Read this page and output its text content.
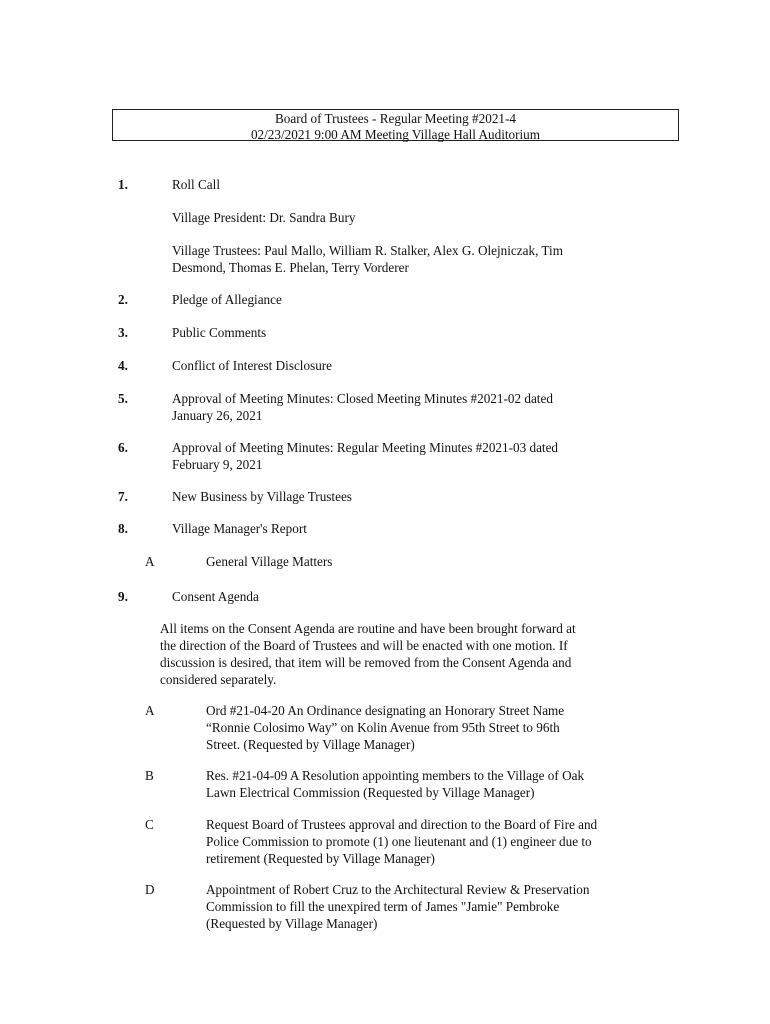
Board of Trustees - Regular Meeting #2021-4
02/23/2021 9:00 AM Meeting Village Hall Auditorium
1.	Roll Call
Village President: Dr. Sandra Bury
Village Trustees: Paul Mallo, William R. Stalker, Alex G. Olejniczak, Tim Desmond, Thomas E. Phelan, Terry Vorderer
2.	Pledge of Allegiance
3.	Public Comments
4.	Conflict of Interest Disclosure
5.	Approval of Meeting Minutes: Closed Meeting Minutes #2021-02 dated January 26, 2021
6.	Approval of Meeting Minutes: Regular Meeting Minutes #2021-03 dated February 9, 2021
7.	New Business by Village Trustees
8.	Village Manager's Report
A	General Village Matters
9.	Consent Agenda
All items on the Consent Agenda are routine and have been brought forward at the direction of the Board of Trustees and will be enacted with one motion. If discussion is desired, that item will be removed from the Consent Agenda and considered separately.
A	Ord #21-04-20 An Ordinance designating an Honorary Street Name “Ronnie Colosimo Way” on Kolin Avenue from 95th Street to 96th Street. (Requested by Village Manager)
B	Res. #21-04-09 A Resolution appointing members to the Village of Oak Lawn Electrical Commission (Requested by Village Manager)
C	Request Board of Trustees approval and direction to the Board of Fire and Police Commission to promote (1) one lieutenant and (1) engineer due to retirement (Requested by Village Manager)
D	Appointment of Robert Cruz to the Architectural Review & Preservation Commission to fill the unexpired term of James "Jamie" Pembroke (Requested by Village Manager)
